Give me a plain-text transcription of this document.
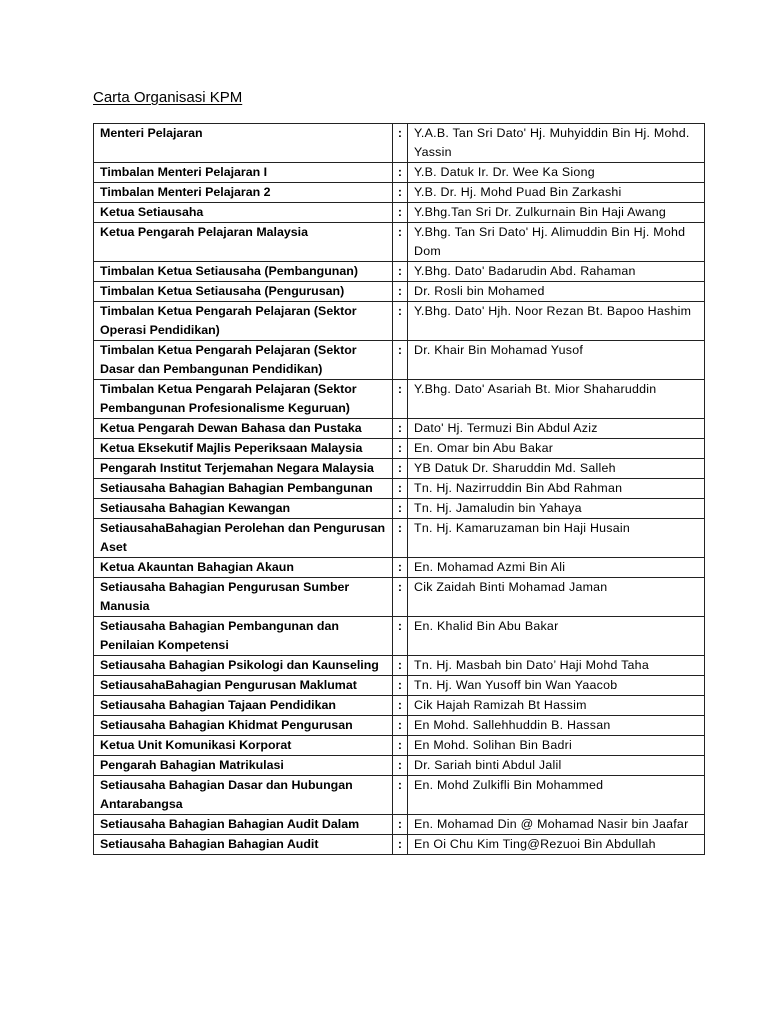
Carta Organisasi KPM
Menteri Pelajaran	:	Y.A.B. Tan Sri Dato' Hj. Muhyiddin Bin Hj. Mohd. Yassin
Timbalan Menteri Pelajaran I	:	Y.B. Datuk Ir. Dr. Wee Ka Siong
Timbalan Menteri Pelajaran 2	:	Y.B. Dr. Hj. Mohd Puad Bin Zarkashi
Ketua Setiausaha	:	Y.Bhg.Tan Sri Dr. Zulkurnain Bin Haji Awang
Ketua Pengarah Pelajaran Malaysia	:	Y.Bhg. Tan Sri Dato' Hj. Alimuddin Bin Hj. Mohd Dom
Timbalan Ketua Setiausaha (Pembangunan)	:	Y.Bhg. Dato' Badarudin Abd. Rahaman
Timbalan Ketua Setiausaha (Pengurusan)	:	Dr. Rosli bin Mohamed
Timbalan Ketua Pengarah Pelajaran (Sektor Operasi Pendidikan)	:	Y.Bhg. Dato' Hjh. Noor Rezan Bt. Bapoo Hashim
Timbalan Ketua Pengarah Pelajaran (Sektor Dasar dan Pembangunan Pendidikan)	:	Dr. Khair Bin Mohamad Yusof
Timbalan Ketua Pengarah Pelajaran (Sektor Pembangunan Profesionalisme Keguruan)	:	Y.Bhg. Dato' Asariah Bt. Mior Shaharuddin
Ketua Pengarah Dewan Bahasa dan Pustaka	:	Dato' Hj. Termuzi Bin Abdul Aziz
Ketua Eksekutif Majlis Peperiksaan Malaysia	:	En. Omar bin Abu Bakar
Pengarah Institut Terjemahan Negara Malaysia	:	YB Datuk Dr. Sharuddin Md. Salleh
Setiausaha Bahagian Bahagian Pembangunan	:	Tn. Hj. Nazirruddin Bin Abd Rahman
Setiausaha Bahagian Kewangan	:	Tn. Hj. Jamaludin bin Yahaya
SetiausahaBahagian Perolehan dan Pengurusan Aset	:	Tn. Hj. Kamaruzaman bin Haji Husain
Ketua Akauntan Bahagian Akaun	:	En. Mohamad Azmi Bin Ali
Setiausaha Bahagian Pengurusan Sumber Manusia	:	Cik Zaidah Binti Mohamad Jaman
Setiausaha Bahagian Pembangunan dan Penilaian Kompetensi	:	En. Khalid Bin Abu Bakar
Setiausaha Bahagian Psikologi dan Kaunseling	:	Tn. Hj. Masbah bin Dato’ Haji Mohd Taha
SetiausahaBahagian Pengurusan Maklumat	:	Tn. Hj. Wan Yusoff bin Wan Yaacob
Setiausaha Bahagian Tajaan Pendidikan	:	Cik Hajah Ramizah Bt Hassim
Setiausaha Bahagian Khidmat Pengurusan	:	En Mohd. Sallehhuddin B. Hassan
Ketua Unit Komunikasi Korporat	:	En Mohd. Solihan Bin Badri
Pengarah Bahagian Matrikulasi	:	Dr. Sariah binti Abdul Jalil
Setiausaha Bahagian Dasar dan Hubungan Antarabangsa	:	En. Mohd Zulkifli Bin Mohammed
Setiausaha Bahagian Bahagian Audit Dalam	:	En. Mohamad Din @ Mohamad Nasir bin Jaafar
Setiausaha Bahagian Bahagian Audit	:	En Oi Chu Kim Ting@Rezuoi Bin Abdullah
